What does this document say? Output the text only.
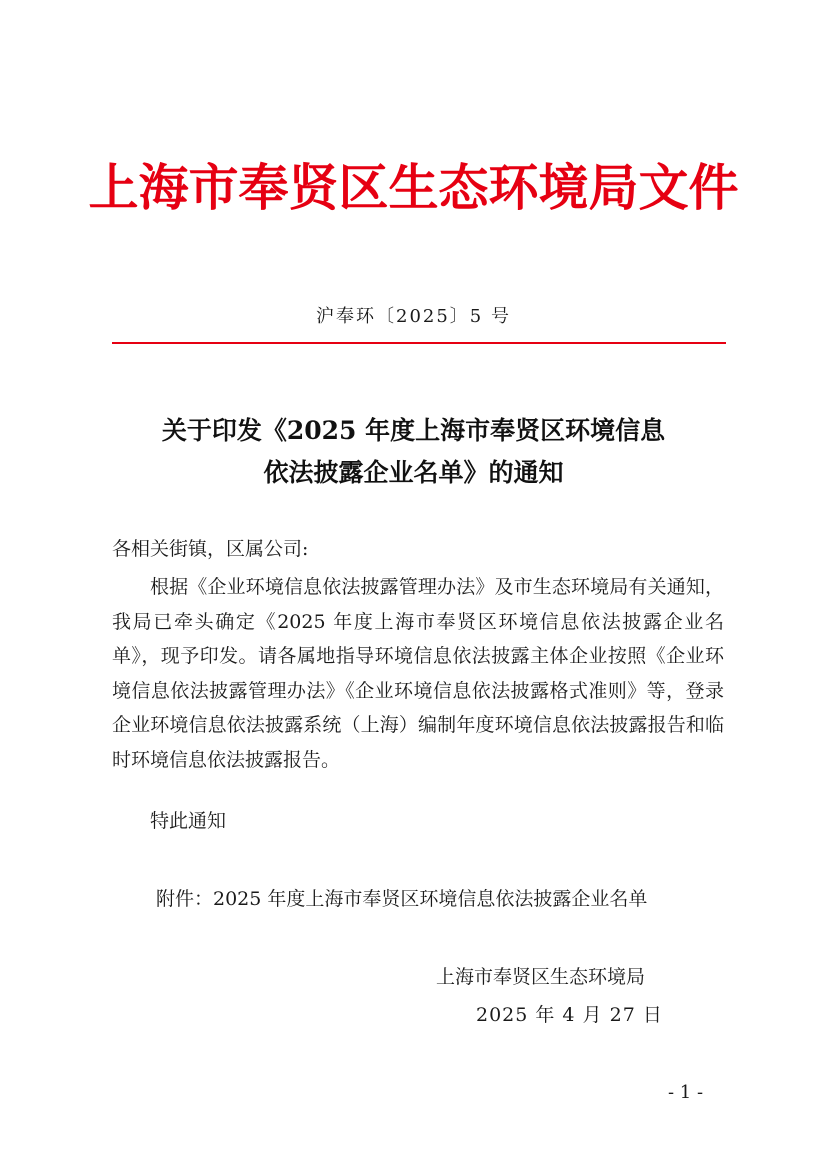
上海市奉贤区生态环境局文件
沪奉环〔2025〕5 号
关于印发《2025 年度上海市奉贤区环境信息
依法披露企业名单》的通知
各相关街镇，区属公司:
根据《企业环境信息依法披露管理办法》及市生态环境局有关通知，我局已牵头确定《2025 年度上海市奉贤区环境信息依法披露企业名单》，现予印发。请各属地指导环境信息依法披露主体企业按照《企业环境信息依法披露管理办法》《企业环境信息依法披露格式准则》等，登录企业环境信息依法披露系统（上海）编制年度环境信息依法披露报告和临时环境信息依法披露报告。
特此通知
附件：2025 年度上海市奉贤区环境信息依法披露企业名单
上海市奉贤区生态环境局
2025 年 4 月 27 日
- 1 -
